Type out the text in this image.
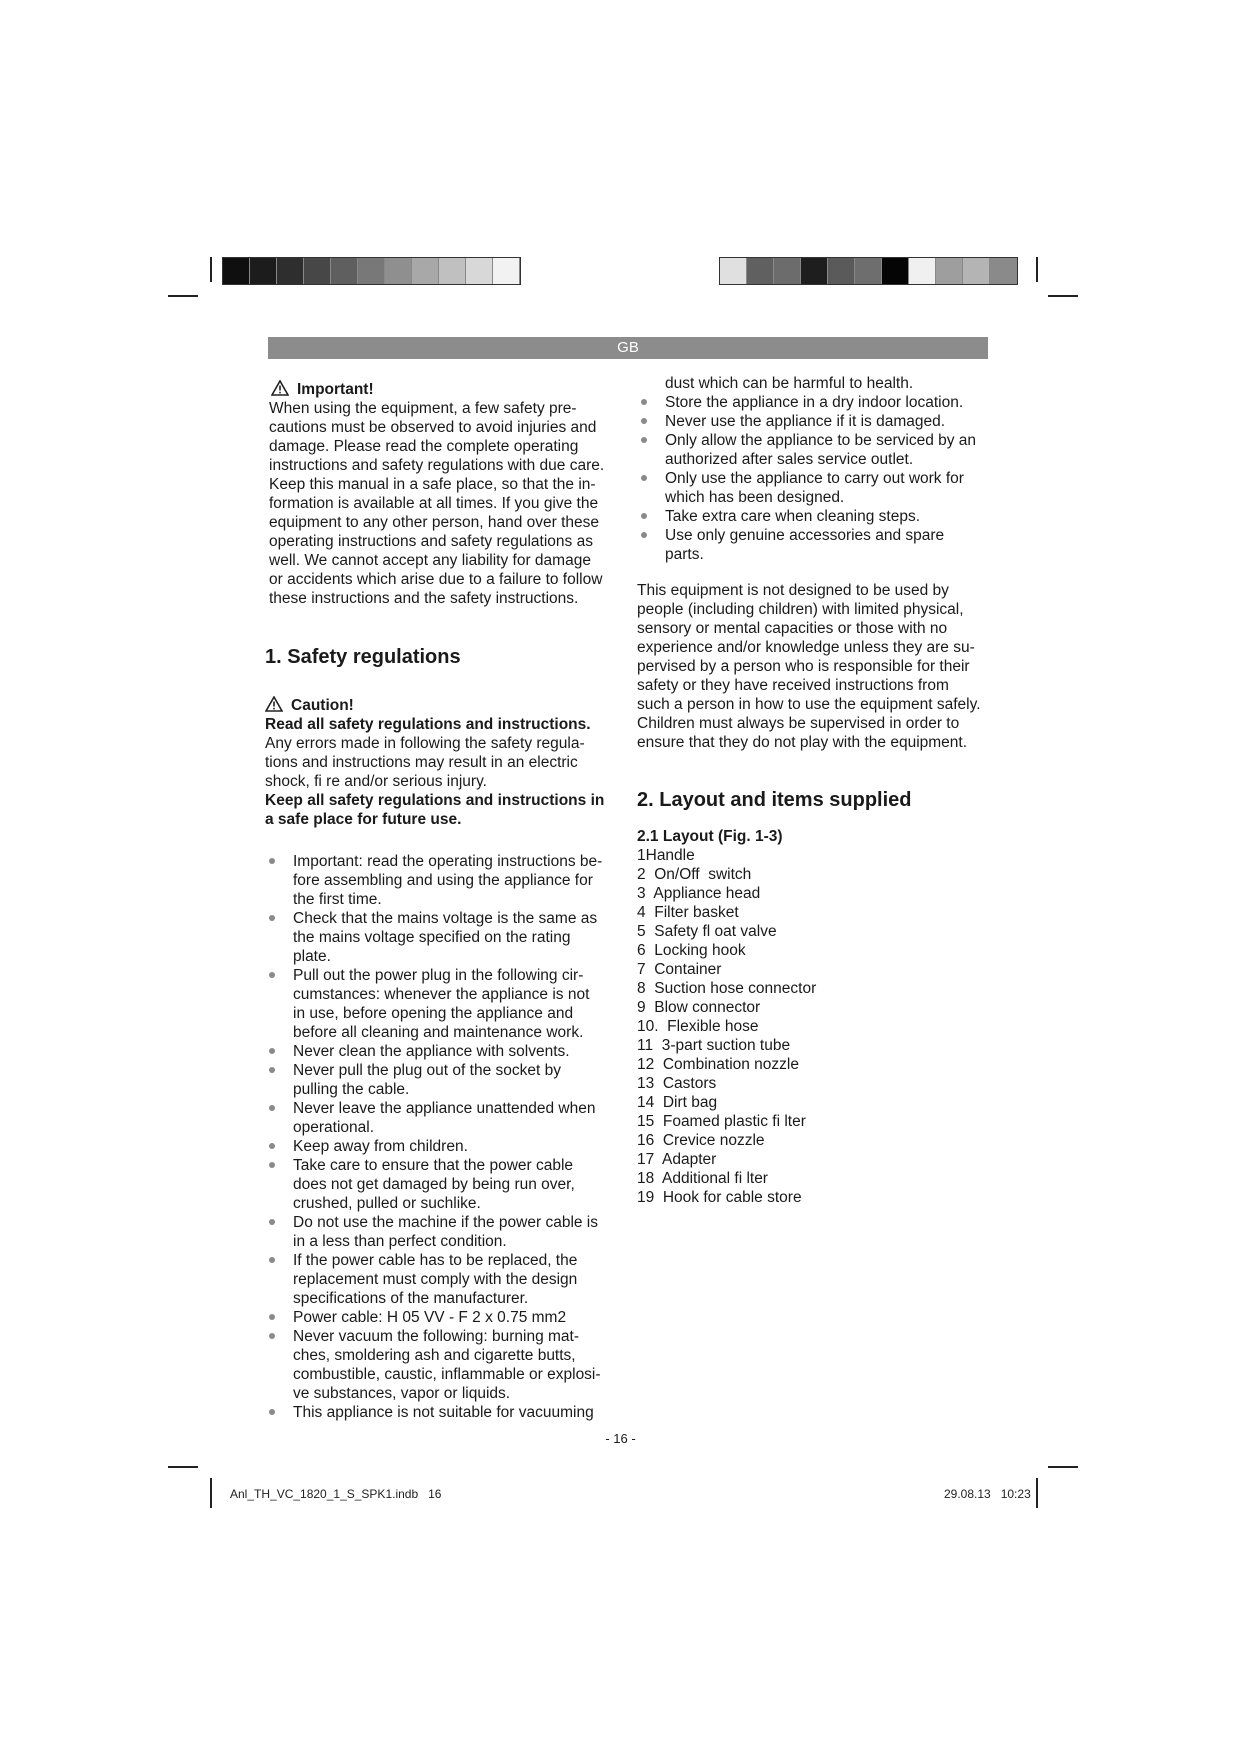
GB

Important!

When using the equipment, a few safety pre-cautions must be observed to avoid injuries and damage. Please read the complete operating instructions and safety regulations with due care. Keep this manual in a safe place, so that the in-formation is available at all times. If you give the equipment to any other person, hand over these operating instructions and safety regulations as well. We cannot accept any liability for damage or accidents which arise due to a failure to follow these instructions and the safety instructions.

1. Safety regulations

Caution!

Read all safety regulations and instructions.

Any errors made in following the safety regula-tions and instructions may result in an electric shock, fi re and/or serious injury.

Keep all safety regulations and instructions in a safe place for future use.

Important: read the operating instructions be-fore assembling and using the appliance for the first time.
Check that the mains voltage is the same as the mains voltage specified on the rating plate.
Pull out the power plug in the following cir-cumstances: whenever the appliance is not in use, before opening the appliance and before all cleaning and maintenance work.
Never clean the appliance with solvents.
Never pull the plug out of the socket by pulling the cable.
Never leave the appliance unattended when operational.
Keep away from children.
Take care to ensure that the power cable does not get damaged by being run over, crushed, pulled or suchlike.
Do not use the machine if the power cable is in a less than perfect condition.
If the power cable has to be replaced, the replacement must comply with the design specifications of the manufacturer.
Power cable: H 05 VV - F 2 x 0.75 mm2
Never vacuum the following: burning mat-ches, smoldering ash and cigarette butts, combustible, caustic, inflammable or explosi-ve substances, vapor or liquids.
This appliance is not suitable for vacuuming

dust which can be harmful to health.

Store the appliance in a dry indoor location.
Never use the appliance if it is damaged.
Only allow the appliance to be serviced by an authorized after sales service outlet.
Only use the appliance to carry out work for which has been designed.
Take extra care when cleaning steps.
Use only genuine accessories and spare parts.

This equipment is not designed to be used by people (including children) with limited physical, sensory or mental capacities or those with no experience and/or knowledge unless they are su-pervised by a person who is responsible for their safety or they have received instructions from such a person in how to use the equipment safely. Children must always be supervised in order to ensure that they do not play with the equipment.

2. Layout and items supplied

2.1 Layout (Fig. 1-3)

1Handle
2  On/Off  switch
3  Appliance head
4  Filter basket
5  Safety fl oat valve
6  Locking hook
7  Container
8  Suction hose connector
9  Blow connector
10.  Flexible hose
11  3-part suction tube
12  Combination nozzle
13  Castors
14  Dirt bag
15  Foamed plastic fi lter
16  Crevice nozzle
17  Adapter
18  Additional fi lter
19  Hook for cable store
- 16 -
Anl_TH_VC_1820_1_S_SPK1.indb   16	29.08.13   10:23
